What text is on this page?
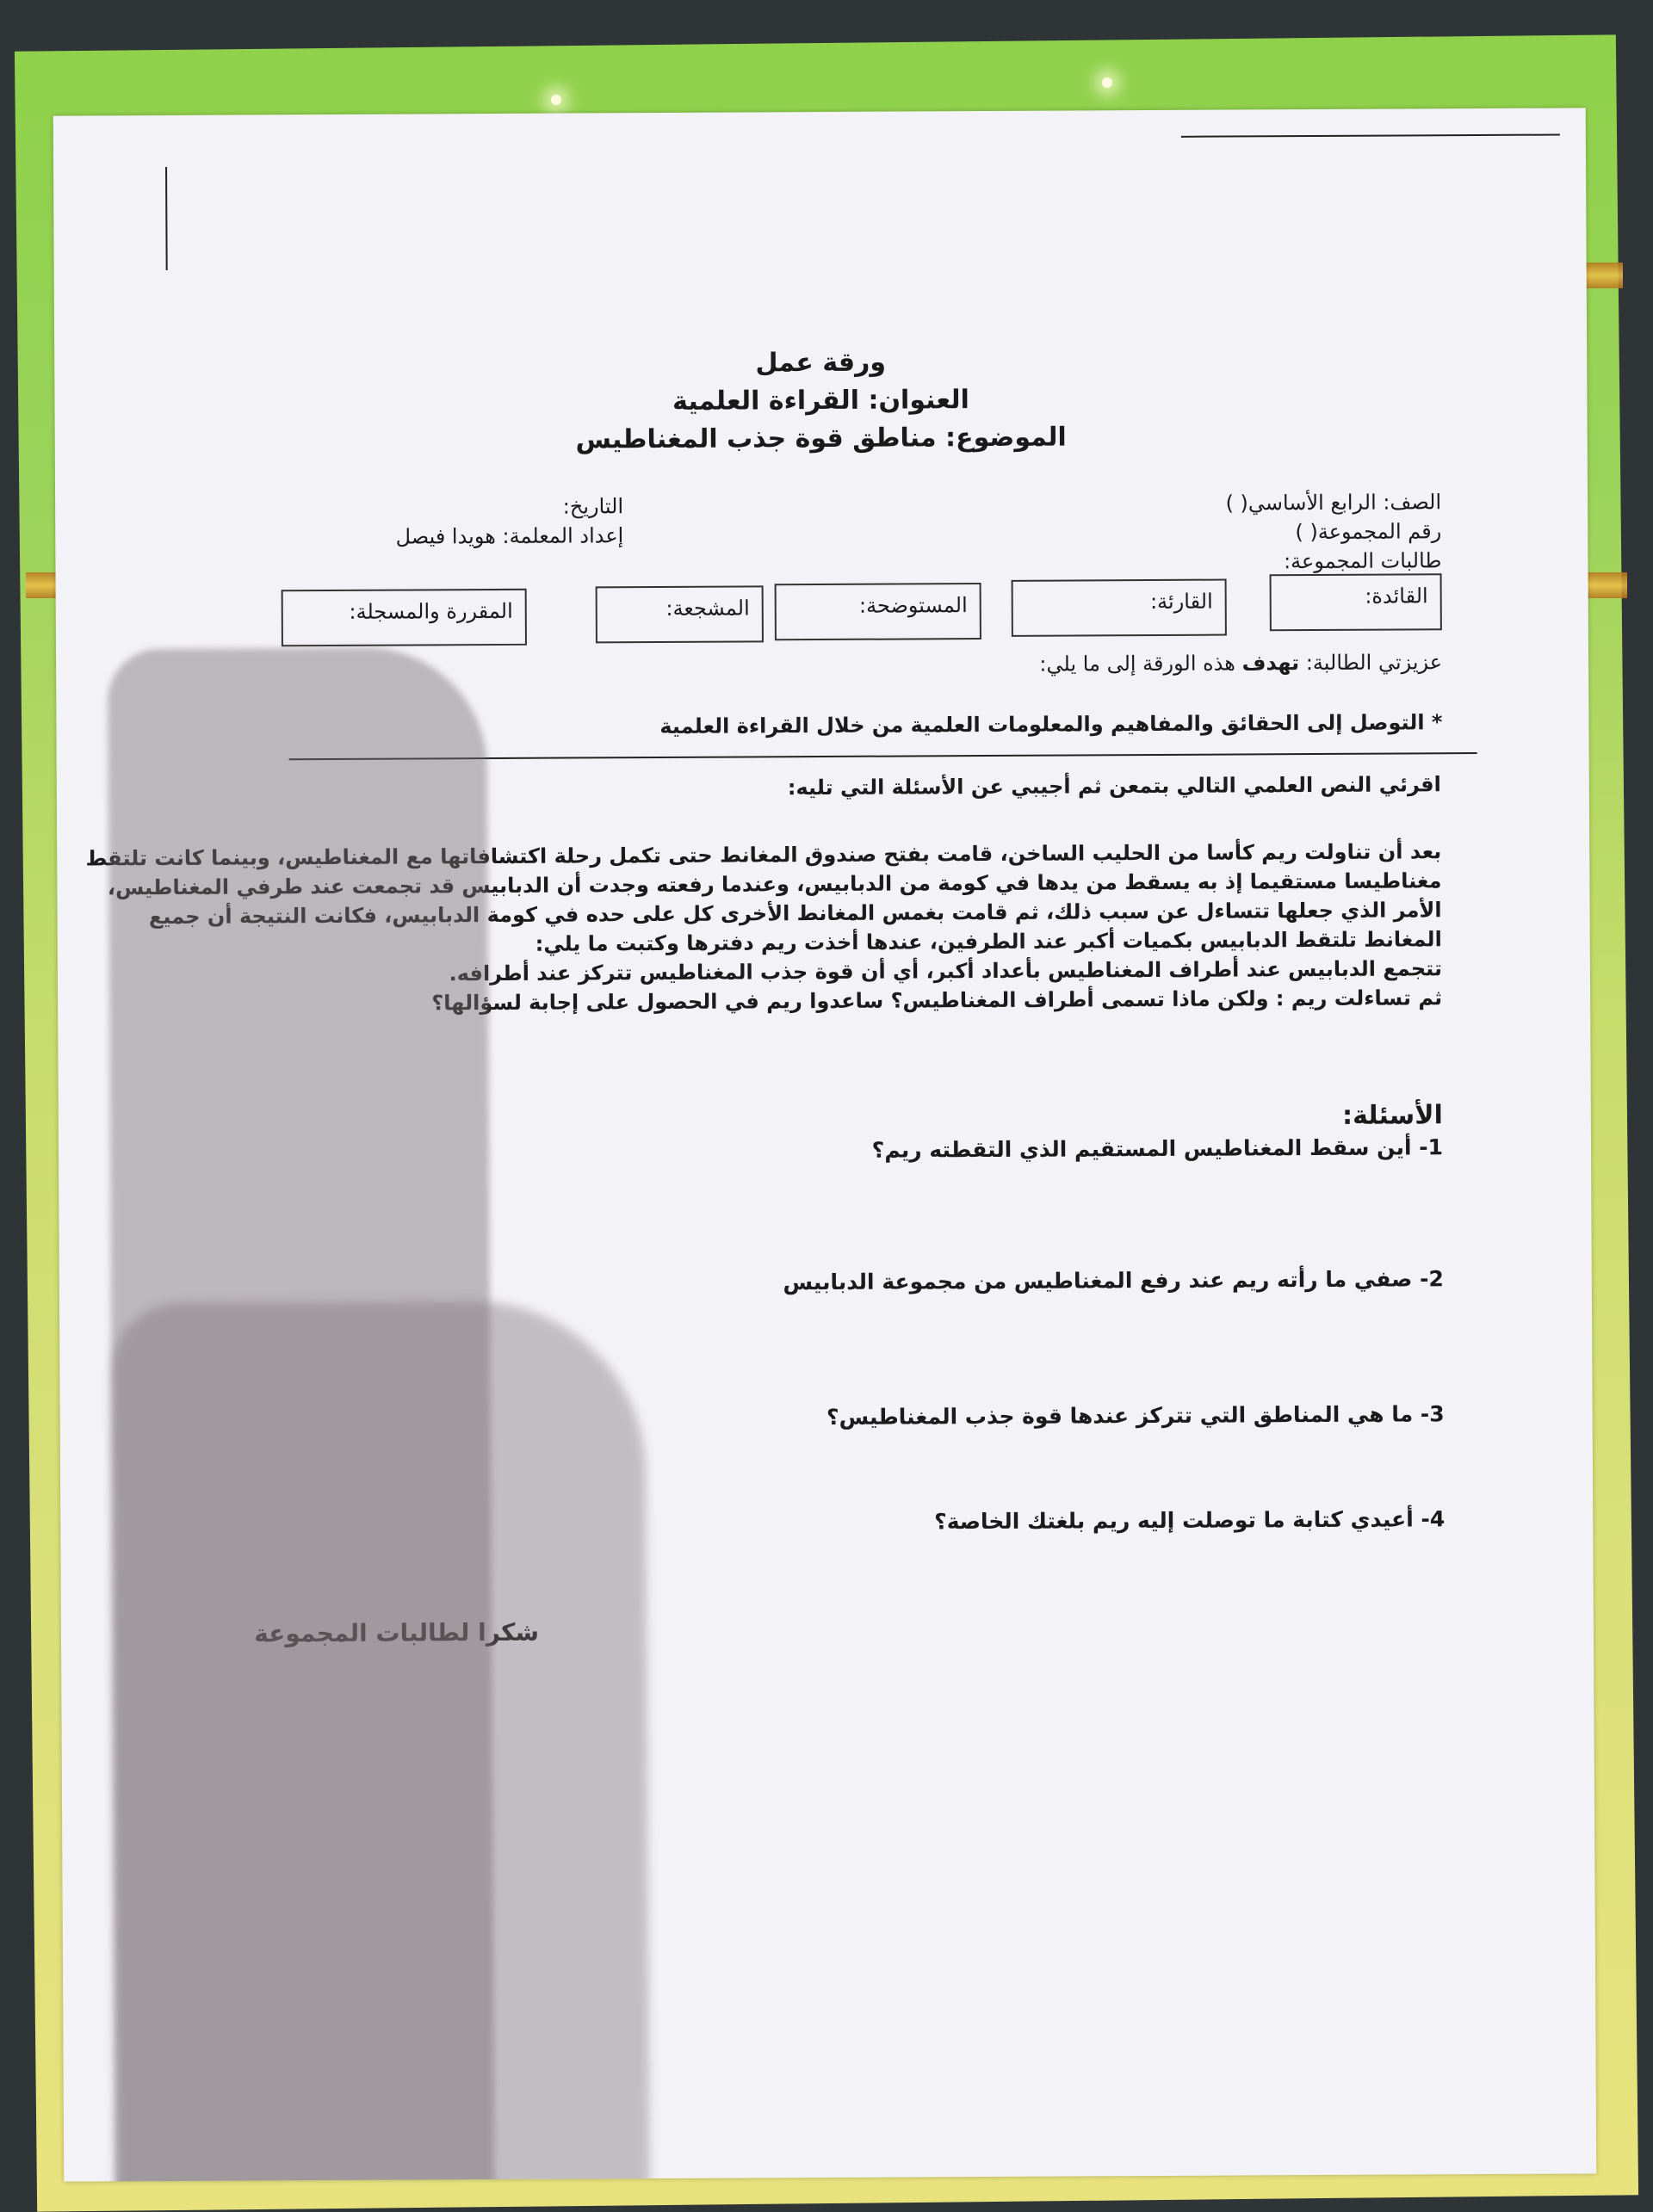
ورقة عمل
العنوان: القراءة العلمية
الموضوع: مناطق قوة جذب المغناطيس
الصف: الرابع الأساسي( )
رقم المجموعة( )
طالبات المجموعة:
التاريخ:
إعداد المعلمة: هويدا فيصل
القائدة:
القارئة:
المستوضحة:
المشجعة:
المقررة والمسجلة:
عزيزتي الطالبة: تهدف هذه الورقة إلى ما يلي:
* التوصل إلى الحقائق والمفاهيم والمعلومات العلمية من خلال القراءة العلمية
اقرئي النص العلمي التالي بتمعن ثم أجيبي عن الأسئلة التي تليه:
بعد أن تناولت ريم كأسا من الحليب الساخن، قامت بفتح صندوق المغانط حتى تكمل رحلة اكتشافاتها مع المغناطيس، وبينما كانت تلتقط
مغناطيسا مستقيما إذ به يسقط من يدها في كومة من الدبابيس، وعندما رفعته وجدت أن الدبابيس قد تجمعت عند طرفي المغناطيس،
الأمر الذي جعلها تتساءل عن سبب ذلك، ثم قامت بغمس المغانط الأخرى كل على حده في كومة الدبابيس، فكانت النتيجة أن جميع
المغانط تلتقط الدبابيس بكميات أكبر عند الطرفين، عندها أخذت ريم دفترها وكتبت ما يلي:
تتجمع الدبابيس عند أطراف المغناطيس بأعداد أكبر، أي أن قوة جذب المغناطيس تتركز عند أطرافه.
ثم تساءلت ريم : ولكن ماذا تسمى أطراف المغناطيس؟ ساعدوا ريم في الحصول على إجابة لسؤالها؟
الأسئلة:
1- أين سقط المغناطيس المستقيم الذي التقطته ريم؟
2- صفي ما رأته ريم عند رفع المغناطيس من مجموعة الدبابيس
3- ما هي المناطق التي تتركز عندها قوة جذب المغناطيس؟
4- أعيدي كتابة ما توصلت إليه ريم بلغتك الخاصة؟
شكرا لطالبات المجموعة
